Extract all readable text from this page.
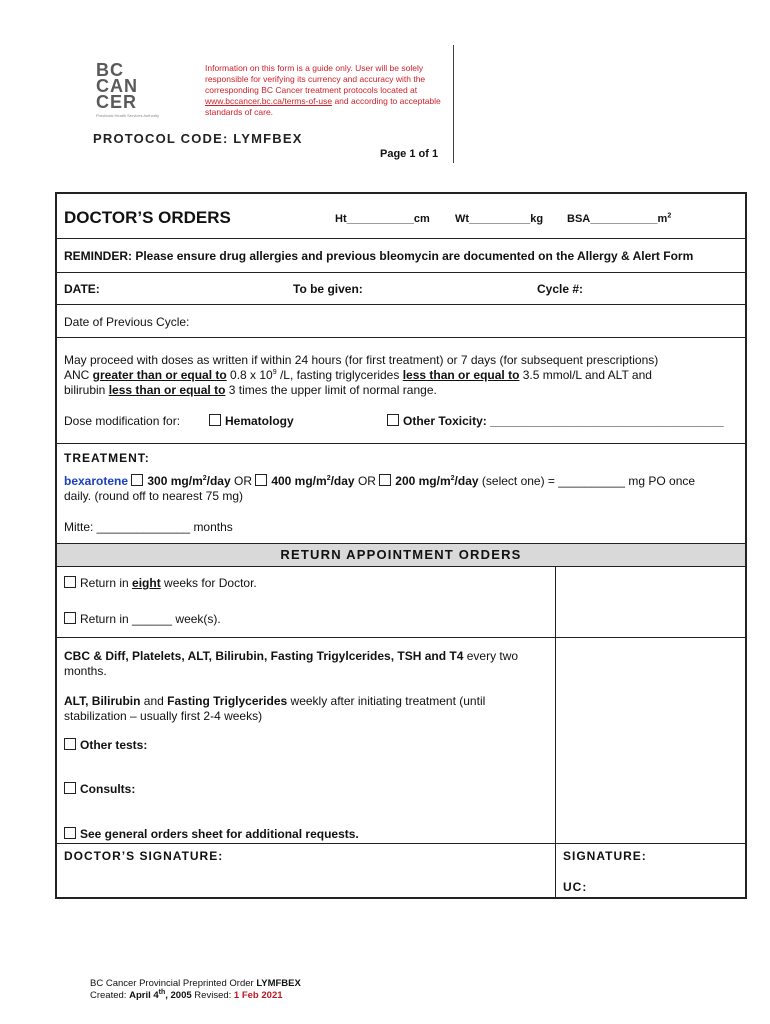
BC
CAN
CER
Provincial Health Services Authority
Information on this form is a guide only. User will be solely responsible for verifying its currency and accuracy with the corresponding BC Cancer treatment protocols located at www.bccancer.bc.ca/terms-of-use and according to acceptable standards of care.
PROTOCOL CODE: LYMFBEX
Page 1 of 1
DOCTOR’S ORDERS	Ht___________cm Wt__________kg $BSA\_\_\_\_\_\_\_\_\_\_\_m^2$
REMINDER: Please ensure drug allergies and previous bleomycin are documented on the Allergy & Alert Form
DATE:	To be given:	Cycle #:
Date of Previous Cycle:
May proceed with doses as written if within 24 hours (for first treatment) or 7 days (for subsequent prescriptions)
ANC greater than or equal to 0.8 x $10^9$ /L, fasting triglycerides less than or equal to 3.5 mmol/L and ALT and
bilirubin less than or equal to 3 times the upper limit of normal range.
Dose modification for:	Hematology	Other Toxicity: ___________________________________
TREATMENT:
bexarotene 300 $mg/m^2$/day OR 400 $mg/m^2$/day OR 200 $mg/m^2$/day (select one) = __________ mg PO once
daily. (round off to nearest 75 mg)
Mitte: ______________ months
RETURN APPOINTMENT ORDERS
Return in eight weeks for Doctor.
Return in ______ week(s).
CBC & Diff, Platelets, ALT, Bilirubin, Fasting Trigylcerides, TSH and T4 every two
months.
ALT, Bilirubin and Fasting Triglycerides weekly after initiating treatment (until
stabilization – usually first 2-4 weeks)
Other tests:
Consults:
See general orders sheet for additional requests.
DOCTOR’S SIGNATURE:	SIGNATURE:
UC:
BC Cancer Provincial Preprinted Order LYMFBEX
Created: April 4th, 2005 Revised: 1 Feb 2021
